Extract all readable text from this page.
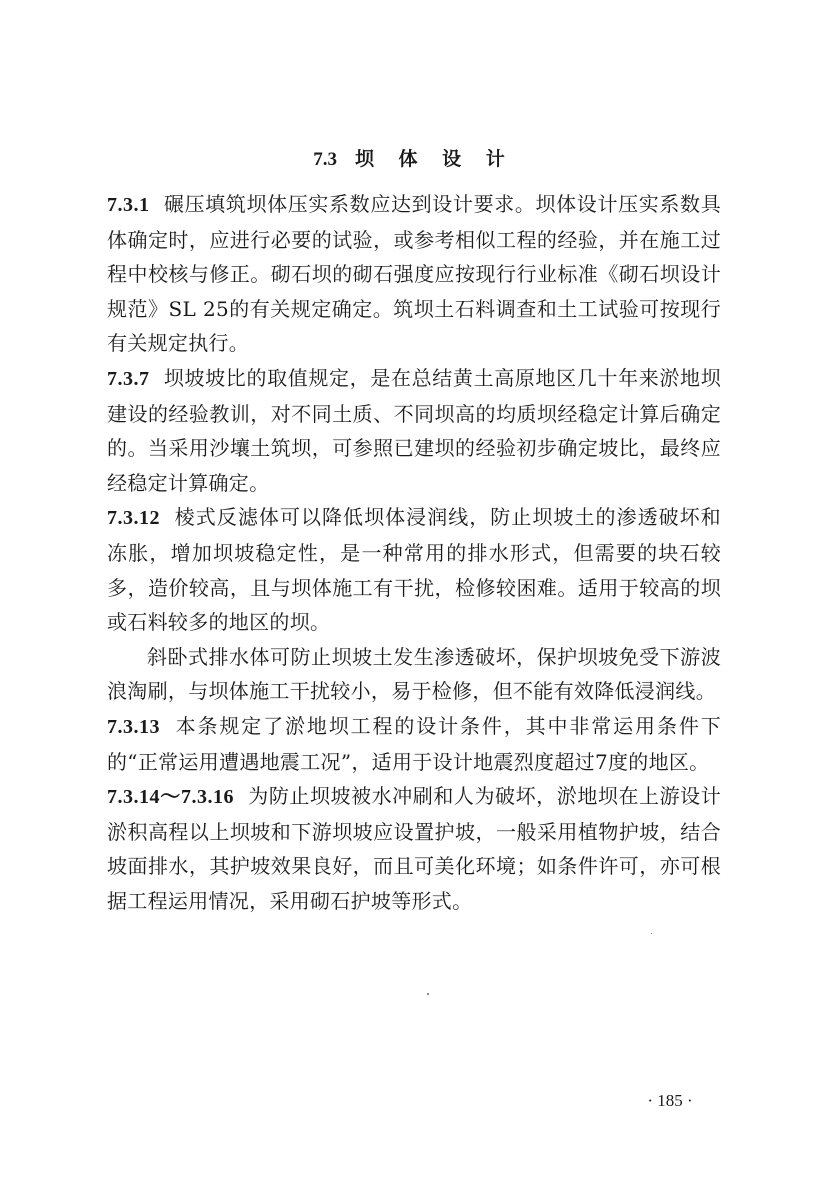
7.3 坝 体 设 计

7.3.1 碾压填筑坝体压实系数应达到设计要求。坝体设计压实系数具体确定时，应进行必要的试验，或参考相似工程的经验，并在施工过程中校核与修正。砌石坝的砌石强度应按现行行业标准《砌石坝设计规范》SL 25的有关规定确定。筑坝土石料调查和土工试验可按现行有关规定执行。

7.3.7 坝坡坡比的取值规定，是在总结黄土高原地区几十年来淤地坝建设的经验教训，对不同土质、不同坝高的均质坝经稳定计算后确定的。当采用沙壤土筑坝，可参照已建坝的经验初步确定坡比，最终应经稳定计算确定。

7.3.12 棱式反滤体可以降低坝体浸润线，防止坝坡土的渗透破坏和冻胀，增加坝坡稳定性，是一种常用的排水形式，但需要的块石较多，造价较高，且与坝体施工有干扰，检修较困难。适用于较高的坝或石料较多的地区的坝。

斜卧式排水体可防止坝坡土发生渗透破坏，保护坝坡免受下游波浪淘刷，与坝体施工干扰较小，易于检修，但不能有效降低浸润线。

7.3.13 本条规定了淤地坝工程的设计条件，其中非常运用条件下的“正常运用遭遇地震工况”，适用于设计地震烈度超过7度的地区。

7.3.14～7.3.16 为防止坝坡被水冲刷和人为破坏，淤地坝在上游设计淤积高程以上坝坡和下游坝坡应设置护坡，一般采用植物护坡，结合坡面排水，其护坡效果良好，而且可美化环境；如条件许可，亦可根据工程运用情况，采用砌石护坡等形式。

· 185 ·
